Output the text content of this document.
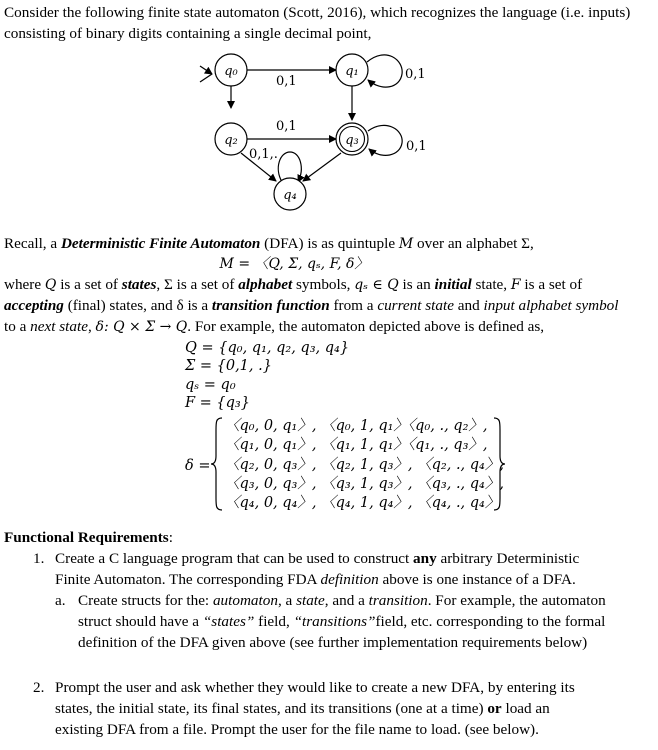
Consider the following finite state automaton (Scott, 2016), which recognizes the language (i.e. inputs) consisting of binary digits containing a single decimal point,
0,1	0,1
0,1
0,1
0,1,.
q₀	q₁
q₂	q₃
q₄
Recall, a Deterministic Finite Automaton (DFA) is as quintuple M over an alphabet Σ,
M = 〈Q, Σ, qₛ, F, δ〉
where Q is a set of states, Σ is a set of alphabet symbols, qₛ ∈ Q is an initial state, F is a set of
accepting (final) states, and δ is a transition function from a current state and input alphabet symbol
to a next state, δ: Q × Σ → Q. For example, the automaton depicted above is defined as,
Q = {q₀, q₁, q₂, q₃, q₄}
Σ = {0,1, .}
qₛ = q₀
F = {q₃}
δ =
〈q₀, 0, q₁〉, 〈q₀, 1, q₁〉〈q₀, ., q₂〉,
〈q₁, 0, q₁〉, 〈q₁, 1, q₁〉〈q₁, ., q₃〉,
〈q₂, 0, q₃〉, 〈q₂, 1, q₃〉, 〈q₂, ., q₄〉,
〈q₃, 0, q₃〉, 〈q₃, 1, q₃〉, 〈q₃, ., q₄〉,
〈q₄, 0, q₄〉, 〈q₄, 1, q₄〉, 〈q₄, ., q₄〉
Functional Requirements:
1. Create a C language program that can be used to construct any arbitrary Deterministic
Finite Automaton. The corresponding FDA definition above is one instance of a DFA.
a. Create structs for the: automaton, a state, and a transition. For example, the automaton
struct should have a “states” field, “transitions”field, etc. corresponding to the formal
definition of the DFA given above (see further implementation requirements below)
2. Prompt the user and ask whether they would like to create a new DFA, by entering its
states, the initial state, its final states, and its transitions (one at a time) or load an
existing DFA from a file. Prompt the user for the file name to load. (see below).
